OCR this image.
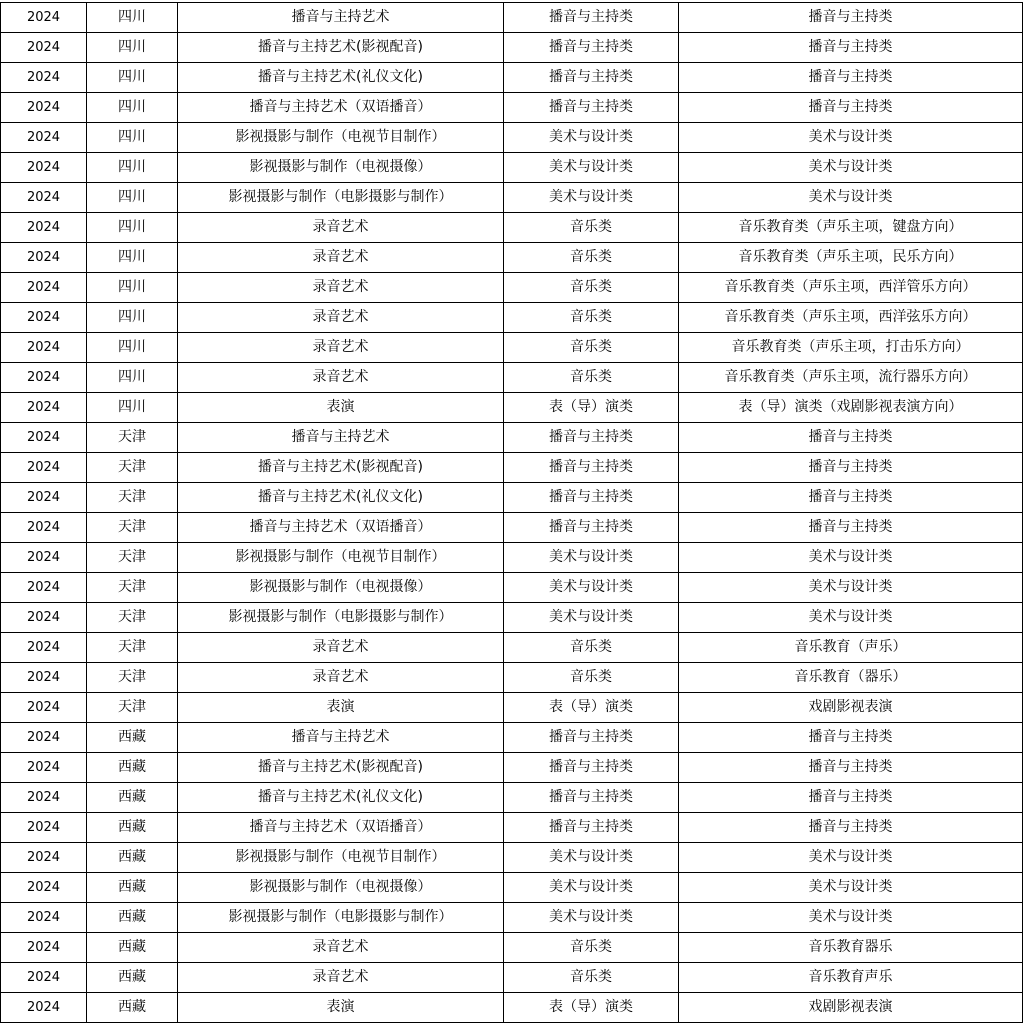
2024	四川	播音与主持艺术	播音与主持类	播音与主持类
2024	四川	播音与主持艺术(影视配音)	播音与主持类	播音与主持类
2024	四川	播音与主持艺术(礼仪文化)	播音与主持类	播音与主持类
2024	四川	播音与主持艺术（双语播音）	播音与主持类	播音与主持类
2024	四川	影视摄影与制作（电视节目制作）	美术与设计类	美术与设计类
2024	四川	影视摄影与制作（电视摄像）	美术与设计类	美术与设计类
2024	四川	影视摄影与制作（电影摄影与制作）	美术与设计类	美术与设计类
2024	四川	录音艺术	音乐类	音乐教育类（声乐主项，键盘方向）
2024	四川	录音艺术	音乐类	音乐教育类（声乐主项，民乐方向）
2024	四川	录音艺术	音乐类	音乐教育类（声乐主项，西洋管乐方向）
2024	四川	录音艺术	音乐类	音乐教育类（声乐主项，西洋弦乐方向）
2024	四川	录音艺术	音乐类	音乐教育类（声乐主项，打击乐方向）
2024	四川	录音艺术	音乐类	音乐教育类（声乐主项，流行器乐方向）
2024	四川	表演	表（导）演类	表（导）演类（戏剧影视表演方向）
2024	天津	播音与主持艺术	播音与主持类	播音与主持类
2024	天津	播音与主持艺术(影视配音)	播音与主持类	播音与主持类
2024	天津	播音与主持艺术(礼仪文化)	播音与主持类	播音与主持类
2024	天津	播音与主持艺术（双语播音）	播音与主持类	播音与主持类
2024	天津	影视摄影与制作（电视节目制作）	美术与设计类	美术与设计类
2024	天津	影视摄影与制作（电视摄像）	美术与设计类	美术与设计类
2024	天津	影视摄影与制作（电影摄影与制作）	美术与设计类	美术与设计类
2024	天津	录音艺术	音乐类	音乐教育（声乐）
2024	天津	录音艺术	音乐类	音乐教育（器乐）
2024	天津	表演	表（导）演类	戏剧影视表演
2024	西藏	播音与主持艺术	播音与主持类	播音与主持类
2024	西藏	播音与主持艺术(影视配音)	播音与主持类	播音与主持类
2024	西藏	播音与主持艺术(礼仪文化)	播音与主持类	播音与主持类
2024	西藏	播音与主持艺术（双语播音）	播音与主持类	播音与主持类
2024	西藏	影视摄影与制作（电视节目制作）	美术与设计类	美术与设计类
2024	西藏	影视摄影与制作（电视摄像）	美术与设计类	美术与设计类
2024	西藏	影视摄影与制作（电影摄影与制作）	美术与设计类	美术与设计类
2024	西藏	录音艺术	音乐类	音乐教育器乐
2024	西藏	录音艺术	音乐类	音乐教育声乐
2024	西藏	表演	表（导）演类	戏剧影视表演
